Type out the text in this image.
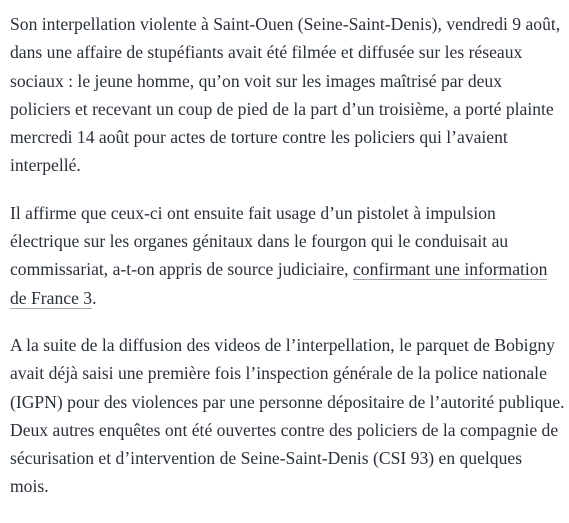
Son interpellation violente à Saint-Ouen (Seine-Saint-Denis), vendredi 9 août, dans une affaire de stupéfiants avait été filmée et diffusée sur les réseaux sociaux : le jeune homme, qu’on voit sur les images maîtrisé par deux policiers et recevant un coup de pied de la part d’un troisième, a porté plainte mercredi 14 août pour actes de torture contre les policiers qui l’avaient interpellé.

Il affirme que ceux-ci ont ensuite fait usage d’un pistolet à impulsion électrique sur les organes génitaux dans le fourgon qui le conduisait au commissariat, a-t-on appris de source judiciaire, confirmant une information de France 3.

A la suite de la diffusion des videos de l’interpellation, le parquet de Bobigny avait déjà saisi une première fois l’inspection générale de la police nationale (IGPN) pour des violences par une personne dépositaire de l’autorité publique. Deux autres enquêtes ont été ouvertes contre des policiers de la compagnie de sécurisation et d’intervention de Seine-Saint-Denis (CSI 93) en quelques mois.
